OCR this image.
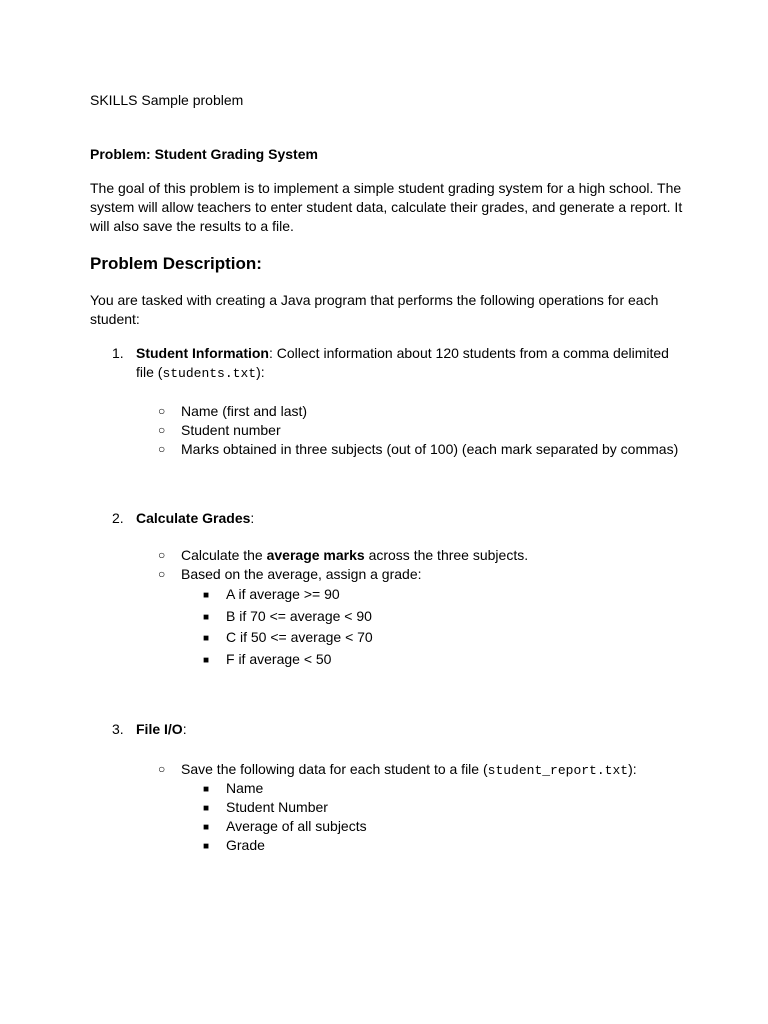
SKILLS Sample problem
Problem: Student Grading System
The goal of this problem is to implement a simple student grading system for a high school. The
system will allow teachers to enter student data, calculate their grades, and generate a report. It
will also save the results to a file.
Problem Description:
You are tasked with creating a Java program that performs the following operations for each
student:
1. Student Information: Collect information about 120 students from a comma delimited
file (students.txt):
○ Name (first and last)
○ Student number
○ Marks obtained in three subjects (out of 100) (each mark separated by commas)
2. Calculate Grades:
○ Calculate the average marks across the three subjects.
○ Based on the average, assign a grade:
■ A if average >= 90
■ B if 70 <= average < 90
■ C if 50 <= average < 70
■ F if average < 50
3. File I/O:
○ Save the following data for each student to a file (student_report.txt):
■ Name
■ Student Number
■ Average of all subjects
■ Grade
